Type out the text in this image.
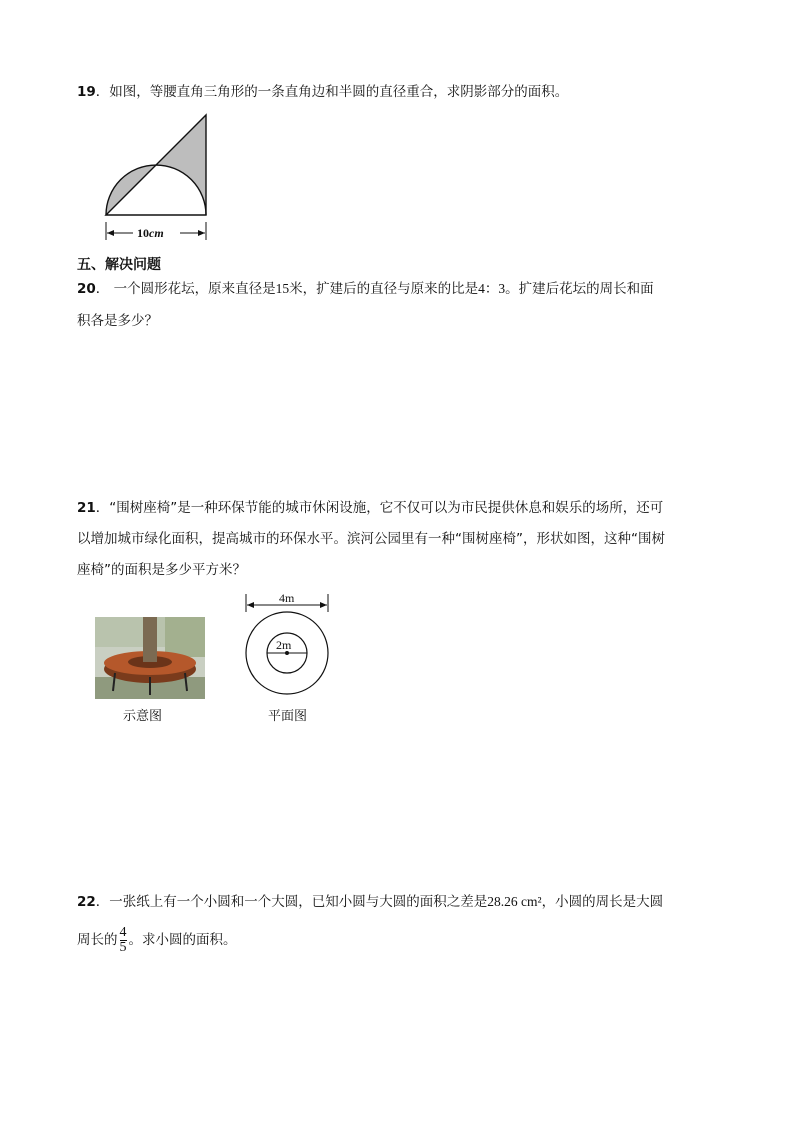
19．如图，等腰直角三角形的一条直角边和半圆的直径重合，求阴影部分的面积。
10cm
五、解决问题
20． 一个圆形花坛，原来直径是15米，扩建后的直径与原来的比是4：3。扩建后花坛的周长和面
积各是多少？
21．“围树座椅”是一种环保节能的城市休闲设施，它不仅可以为市民提供休息和娱乐的场所，还可
以增加城市绿化面积，提高城市的环保水平。滨河公园里有一种“围树座椅”，形状如图，这种“围树
座椅”的面积是多少平方米？
示意图
4m
2m
平面图
22．一张纸上有一个小圆和一个大圆，已知小圆与大圆的面积之差是28.26 cm²，小圆的周长是大圆
周长的 $\frac{4}{5}$ 。求小圆的面积。
